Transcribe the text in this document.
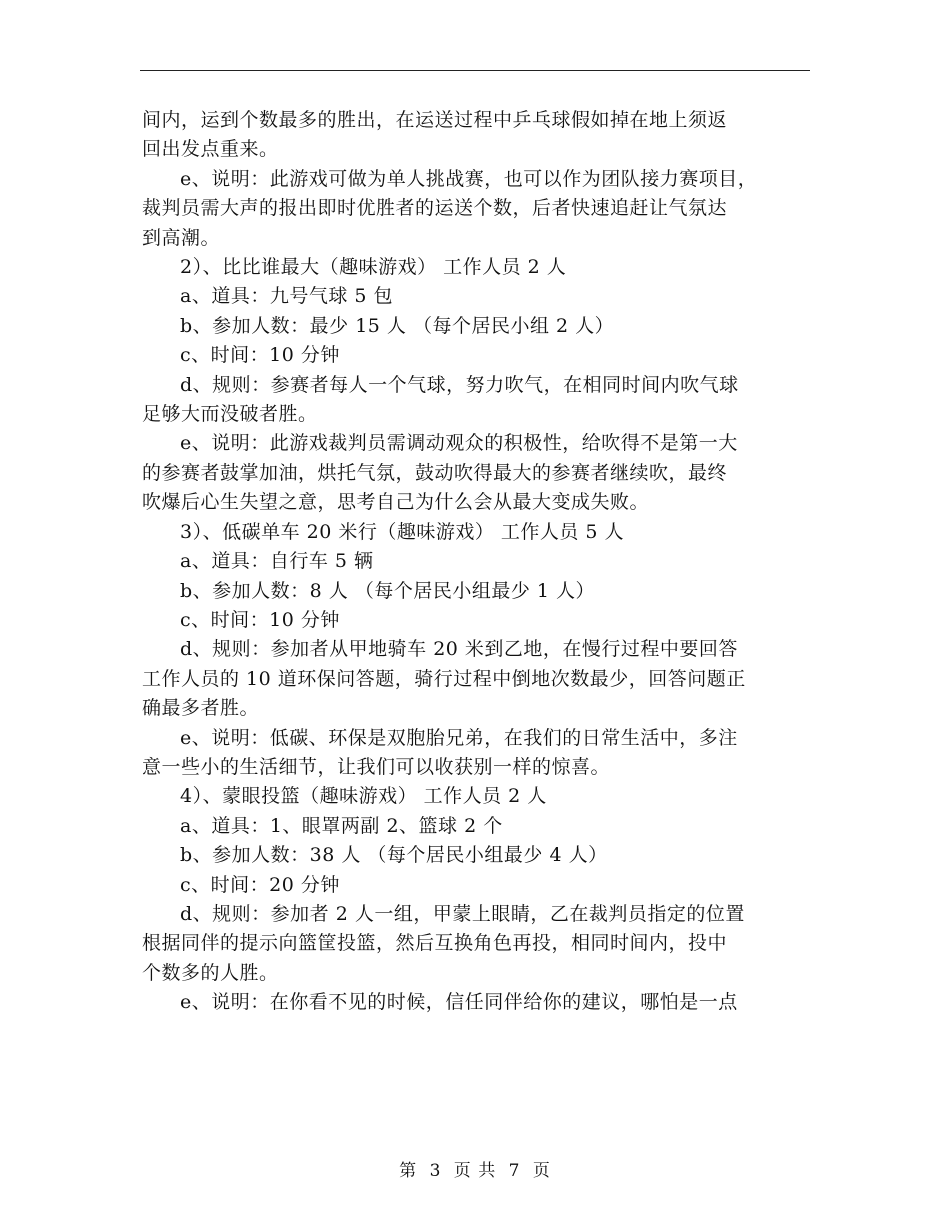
间内，运到个数最多的胜出，在运送过程中乒乓球假如掉在地上须返
回出发点重来。
e、说明：此游戏可做为单人挑战赛，也可以作为团队接力赛项目，
裁判员需大声的报出即时优胜者的运送个数，后者快速追赶让气氛达
到高潮。
2）、比比谁最大（趣味游戏） 工作人员 2 人
a、道具：九号气球 5 包
b、参加人数：最少 15 人 （每个居民小组 2 人）
c、时间：10 分钟
d、规则：参赛者每人一个气球，努力吹气，在相同时间内吹气球
足够大而没破者胜。
e、说明：此游戏裁判员需调动观众的积极性，给吹得不是第一大
的参赛者鼓掌加油，烘托气氛，鼓动吹得最大的参赛者继续吹，最终
吹爆后心生失望之意，思考自己为什么会从最大变成失败。
3）、低碳单车 20 米行（趣味游戏） 工作人员 5 人
a、道具：自行车 5 辆
b、参加人数：8 人 （每个居民小组最少 1 人）
c、时间：10 分钟
d、规则：参加者从甲地骑车 20 米到乙地，在慢行过程中要回答
工作人员的 10 道环保问答题，骑行过程中倒地次数最少，回答问题正
确最多者胜。
e、说明：低碳、环保是双胞胎兄弟，在我们的日常生活中，多注
意一些小的生活细节，让我们可以收获别一样的惊喜。
4）、蒙眼投篮（趣味游戏） 工作人员 2 人
a、道具：1、眼罩两副 2、篮球 2 个
b、参加人数：38 人 （每个居民小组最少 4 人）
c、时间：20 分钟
d、规则：参加者 2 人一组，甲蒙上眼睛，乙在裁判员指定的位置
根据同伴的提示向篮筐投篮，然后互换角色再投，相同时间内，投中
个数多的人胜。
e、说明：在你看不见的时候，信任同伴给你的建议，哪怕是一点
第 3 页 共 7 页
